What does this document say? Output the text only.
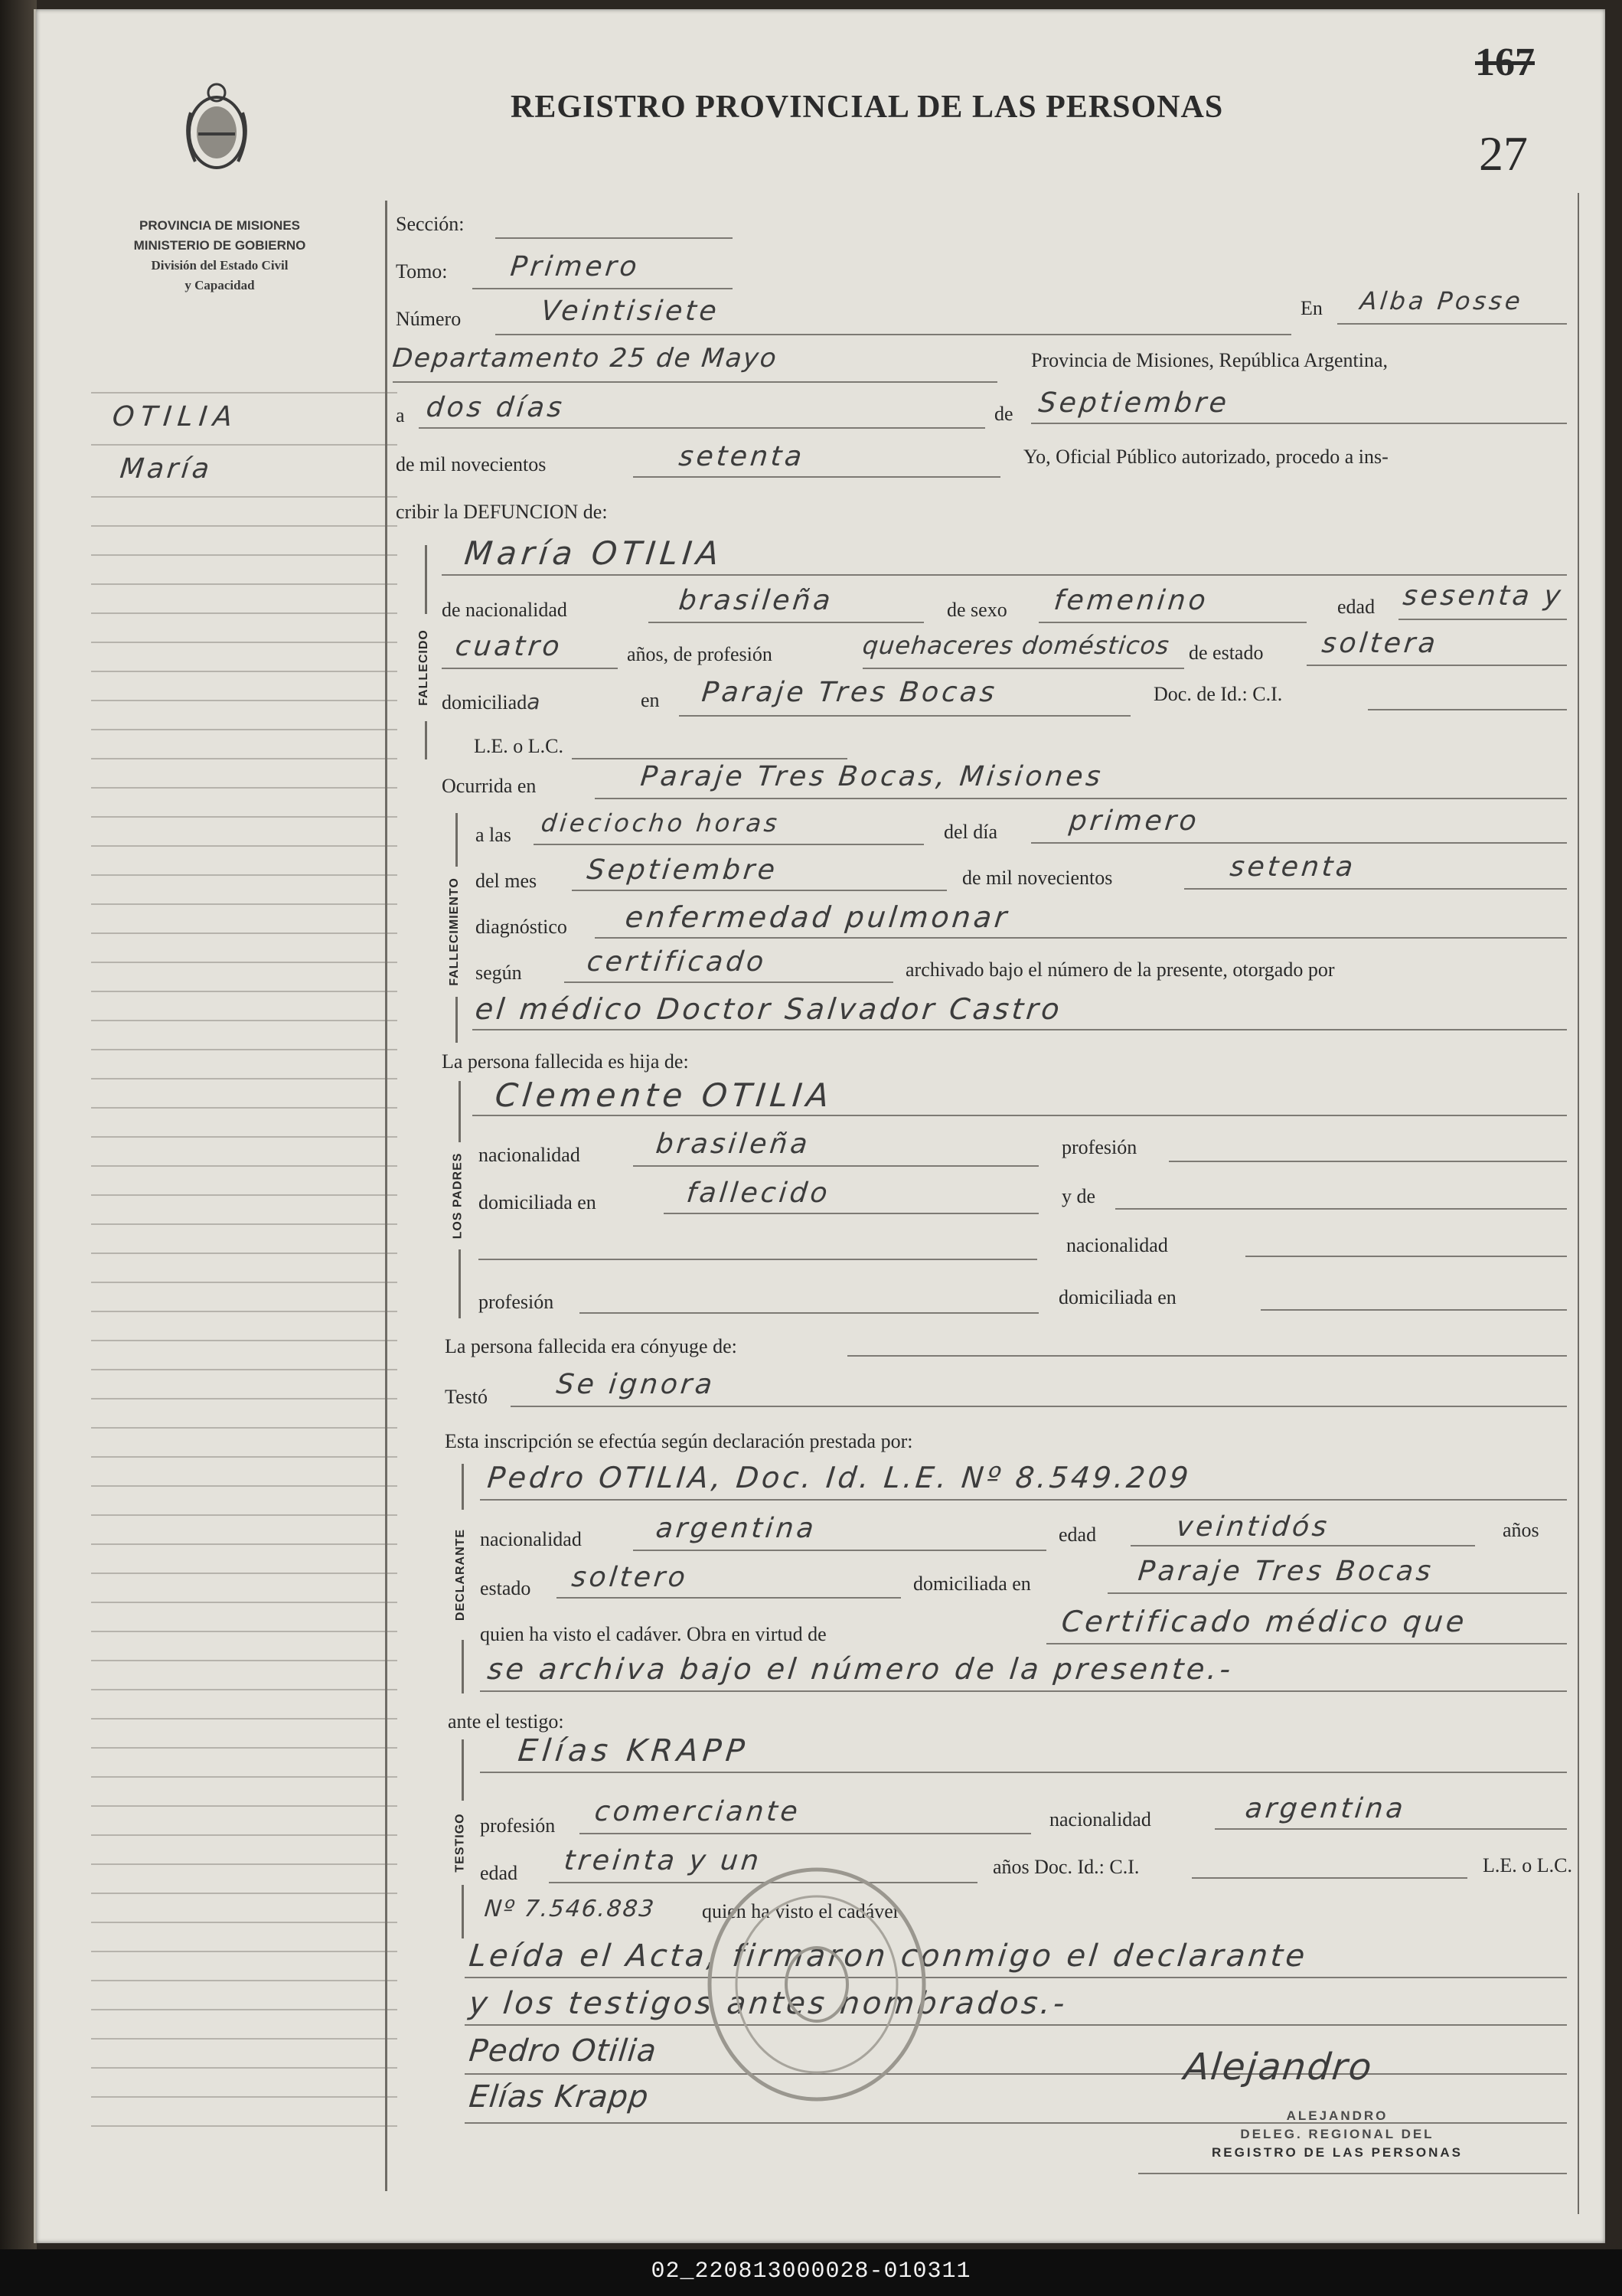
PROVINCIA DE MISIONES
MINISTERIO DE GOBIERNO
División del Estado Civil
y Capacidad
REGISTRO PROVINCIAL DE LAS PERSONAS
167
27
OTILIA
María
Sección:
Tomo: Primero
Número	Veintisiete	En Alba Posse
Departamento 25 de Mayo	Provincia de Misiones, República Argentina,
a dos días	de Septiembre
de mil novecientos	setenta	Yo, Oficial Público autorizado, procedo a ins-
cribir la DEFUNCION de:
FALLECIDO
María OTILIA
de nacionalidad	brasileña	de sexo femenino	edad sesenta y
cuatro	años, de profesión	quehaceres domésticos de estado soltera
domiciliada	en Paraje Tres Bocas	Doc. de Id.: C.I.
L.E. o L.C.
Ocurrida en	Paraje Tres Bocas, Misiones
FALLECIMIENTO
a las dieciocho horas	del día	primero
del mes Septiembre	de mil novecientos	setenta
diagnóstico enfermedad pulmonar
según certificado	archivado bajo el número de la presente, otorgado por
el médico Doctor Salvador Castro
La persona fallecida es hija de:
LOS PADRES
Clemente OTILIA
nacionalidad	brasileña	profesión
domiciliada en	fallecido	y de
nacionalidad
profesión	domiciliada en
La persona fallecida era cónyuge de:
Testó Se ignora
Esta inscripción se efectúa según declaración prestada por:
DECLARANTE
Pedro OTILIA, Doc. Id. L.E. Nº 8.549.209
nacionalidad	argentina	edad	veintidós	años
estado soltero	domiciliada en	Paraje Tres Bocas
quien ha visto el cadáver. Obra en virtud de	Certificado médico que
se archiva bajo el número de la presente.-
ante el testigo:
TESTIGO
Elías KRAPP
profesión comerciante	nacionalidad	argentina
edad treinta y un	años Doc. Id.: C.I.	L.E. o L.C.
Nº 7.546.883 quien ha visto el cadáver
Leída el Acta, firmaron conmigo el declarante
y los testigos antes nombrados.-
Pedro Otilia
Elías Krapp
Alejandro
ALEJANDRO
DELEG. REGIONAL DEL
REGISTRO DE LAS PERSONAS
02_220813000028-010311
